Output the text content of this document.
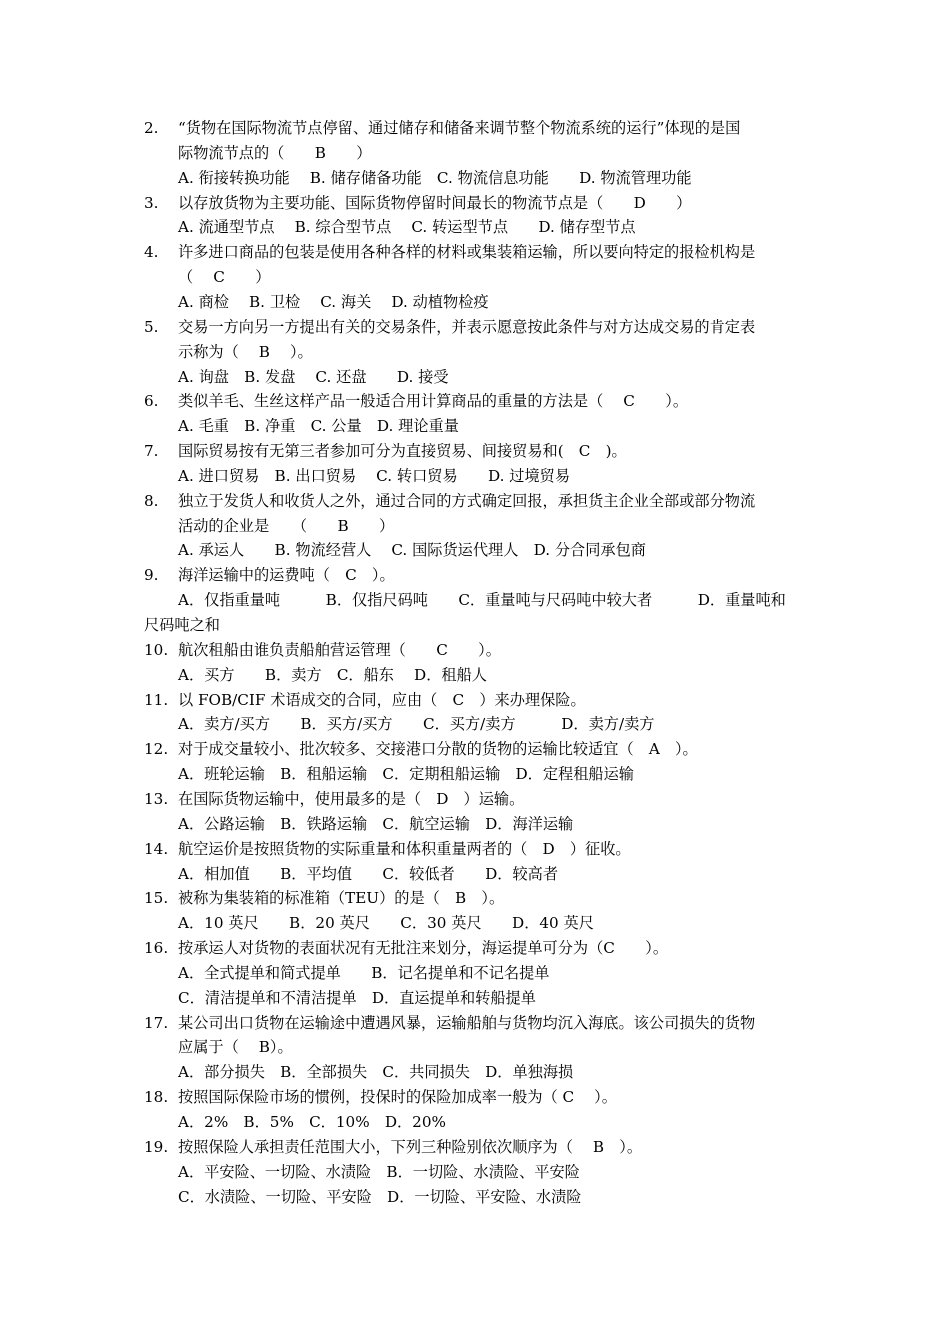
2. “货物在国际物流节点停留、通过储存和储备来调节整个物流系统的运行”体现的是国
际物流节点的（　　B　　）
A. 衔接转换功能　 B. 储存储备功能　C. 物流信息功能　　D. 物流管理功能
3. 以存放货物为主要功能、国际货物停留时间最长的物流节点是（　　D　　）
A. 流通型节点　 B. 综合型节点　 C. 转运型节点　　D. 储存型节点
4. 许多进口商品的包装是使用各种各样的材料或集装箱运输，所以要向特定的报检机构是
（　 C　　）
A. 商检　 B. 卫检　 C. 海关　 D. 动植物检疫
5. 交易一方向另一方提出有关的交易条件，并表示愿意按此条件与对方达成交易的肯定表
示称为（　 B　 ）。
A. 询盘　B. 发盘　 C. 还盘　　D. 接受
6. 类似羊毛、生丝这样产品一般适合用计算商品的重量的方法是（　 C　　）。
A. 毛重　B. 净重　C. 公量　D. 理论重量
7. 国际贸易按有无第三者参加可分为直接贸易、间接贸易和(　C　)。
A. 进口贸易　B. 出口贸易　 C. 转口贸易　　D. 过境贸易
8. 独立于发货人和收货人之外，通过合同的方式确定回报，承担货主企业全部或部分物流
活动的企业是　　（　　B　　）
A. 承运人　　B. 物流经营人　 C. 国际货运代理人　D. 分合同承包商
9. 海洋运输中的运费吨（　C　）。
A．仅指重量吨　　　B．仅指尺码吨　　C．重量吨与尺码吨中较大者　　　D．重量吨和
尺码吨之和
10. 航次租船由谁负责船舶营运管理（　　C　　）。
A．买方　　B．卖方　C．船东　 D．租船人
11. 以 FOB/CIF 术语成交的合同，应由（　C　）来办理保险。
A．卖方/买方　　B．买方/买方　　C．买方/卖方　　　D．卖方/卖方
12. 对于成交量较小、批次较多、交接港口分散的货物的运输比较适宜（　A　）。
A．班轮运输　B．租船运输　C．定期租船运输　D．定程租船运输
13. 在国际货物运输中，使用最多的是（　D　）运输。
A．公路运输　B．铁路运输　C．航空运输　D．海洋运输
14. 航空运价是按照货物的实际重量和体积重量两者的（　D　）征收。
A．相加值　　B．平均值　　C．较低者　　D．较高者
15. 被称为集装箱的标准箱（TEU）的是（　B　）。
A．10 英尺　　B．20 英尺　　C．30 英尺　　D．40 英尺
16. 按承运人对货物的表面状况有无批注来划分，海运提单可分为（C　　）。
A．全式提单和简式提单　　B．记名提单和不记名提单
C．清洁提单和不清洁提单　D．直运提单和转船提单
17. 某公司出口货物在运输途中遭遇风暴，运输船舶与货物均沉入海底。该公司损失的货物
应属于（　 B）。
A．部分损失　B．全部损失　C．共同损失　D．单独海损
18. 按照国际保险市场的惯例，投保时的保险加成率一般为（ C　 ）。
A．2%　B．5%　C．10%　D．20%
19. 按照保险人承担责任范围大小，下列三种险别依次顺序为（　 B　）。
A．平安险、一切险、水渍险　B．一切险、水渍险、平安险
C．水渍险、一切险、平安险　D．一切险、平安险、水渍险
